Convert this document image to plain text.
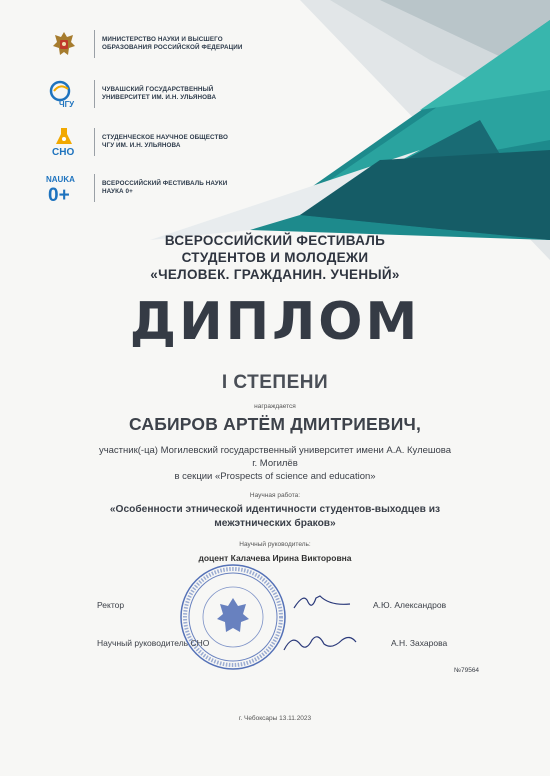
МИНИСТЕРСТВО НАУКИ И ВЫСШЕГО
ОБРАЗОВАНИЯ РОССИЙСКОЙ ФЕДЕРАЦИИ
ЧГУ
ЧУВАШСКИЙ ГОСУДАРСТВЕННЫЙ
УНИВЕРСИТЕТ ИМ. И.Н. УЛЬЯНОВА
СНО
СТУДЕНЧЕСКОЕ НАУЧНОЕ ОБЩЕСТВО
ЧГУ ИМ. И.Н. УЛЬЯНОВА
NAUKA
0+
ВСЕРОССИЙСКИЙ ФЕСТИВАЛЬ НАУКИ
НАУКА 0+
ВСЕРОССИЙСКИЙ ФЕСТИВАЛЬ
СТУДЕНТОВ И МОЛОДЕЖИ
«ЧЕЛОВЕК. ГРАЖДАНИН. УЧЕНЫЙ»
ДИПЛОМ
I СТЕПЕНИ
награждается
САБИРОВ АРТЁМ ДМИТРИЕВИЧ,
участник(-ца) Могилевский государственный университет имени А.А. Кулешова
г. Могилёв
в секции «Prospects of science and education»
Научная работа:
«Особенности этнической идентичности студентов-выходцев из
межэтнических браков»
Научный руководитель:
доцент Калачева Ирина Викторовна
Ректор	А.Ю. Александров
Научный руководитель СНО	А.Н. Захарова
№79564
г. Чебоксары 13.11.2023
